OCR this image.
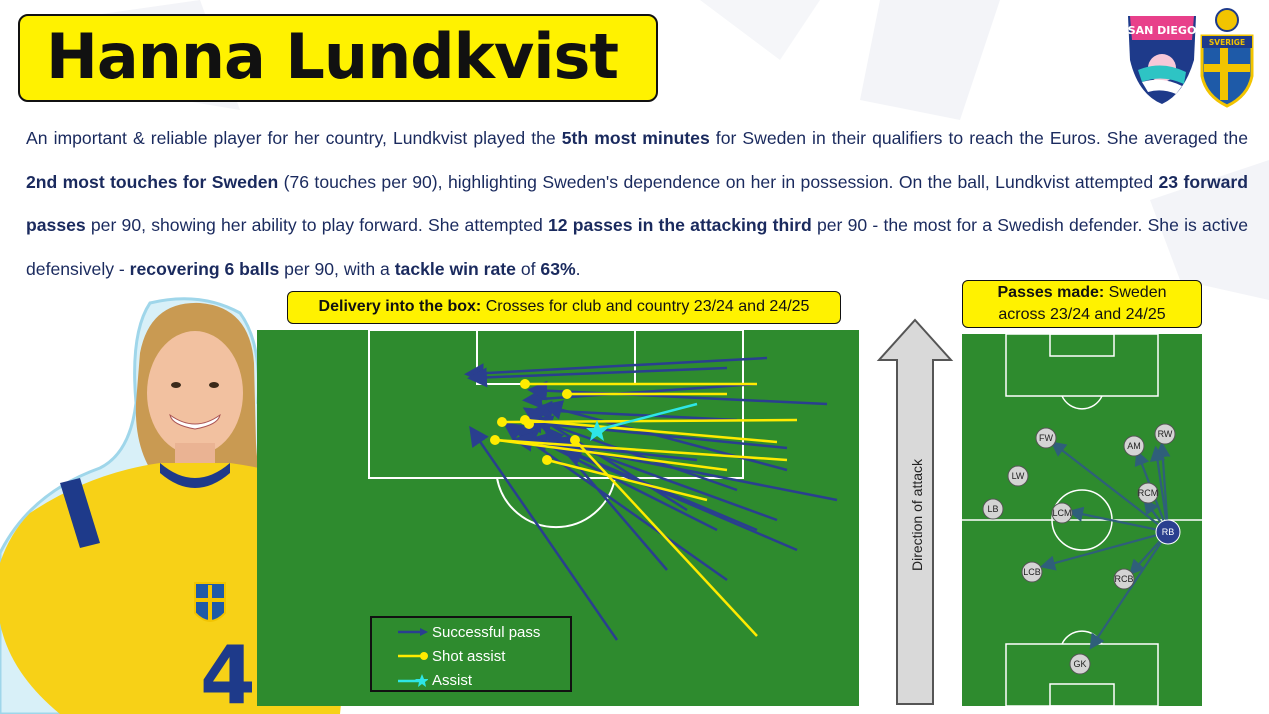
Hanna Lundkvist	SAN DIEGO
SVERIGE
An important & reliable player for her country, Lundkvist played the 5th most minutes for Sweden in their qualifiers to reach the Euros. She averaged the 2nd most touches for Sweden (76 touches per 90), highlighting Sweden's dependence on her in possession. On the ball, Lundkvist attempted 23 forward passes per 90, showing her ability to play forward. She attempted 12 passes in the attacking third per 90 - the most for a Swedish defender. She is active defensively - recovering 6 balls per 90, with a tackle win rate of 63%.
4
Delivery into the box: Crosses for club and country 23/24 and 24/25
Successful pass
Shot assist
Assist
Direction of attack
Passes made: Sweden
across 23/24 and 24/25
FW
AM
RW
LW
RCM
LB	LCM
RB
LCB
RCB
GK
